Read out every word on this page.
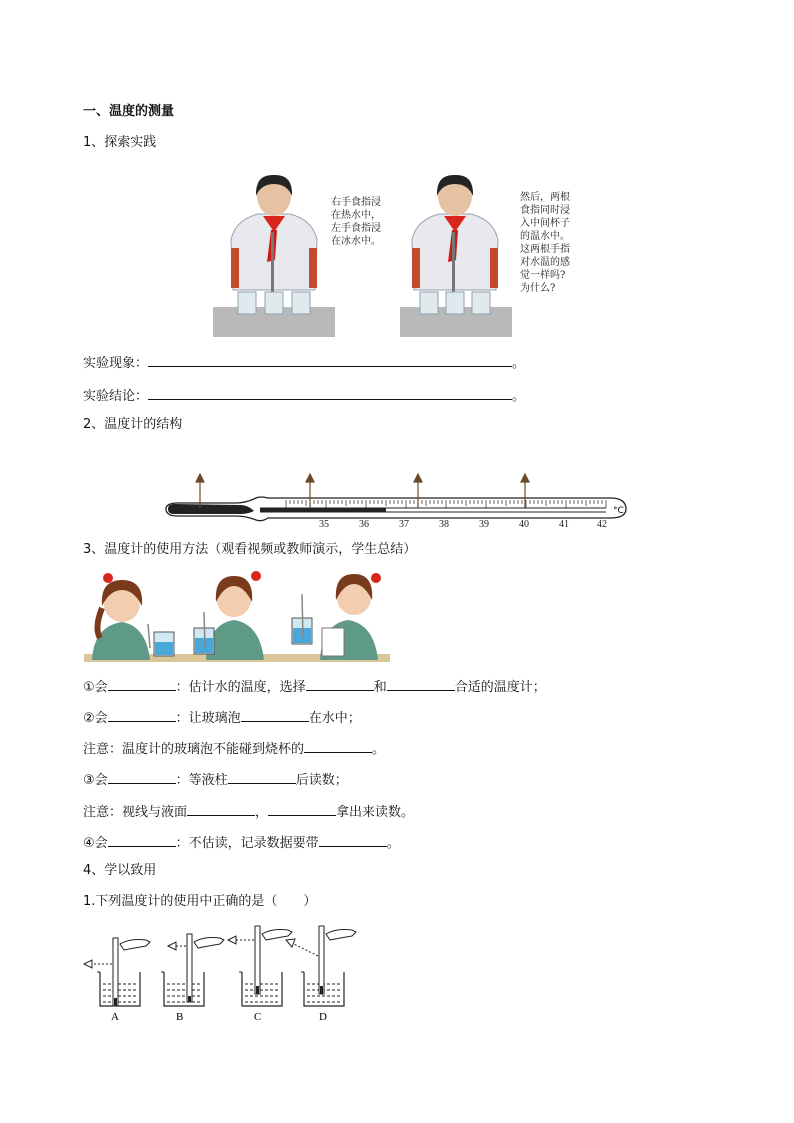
一、温度的测量
1、探索实践
右手食指浸
在热水中，
左手食指浸
在冰水中。
然后，两根
食指同时浸
入中间杯子
的温水中。
这两根手指
对水温的感
觉一样吗?
为什么?
实验现象：	。
实验结论：	。
2、温度计的结构
°C
35	36	37	38	39	40	41	42
3、温度计的使用方法（观看视频或教师演示，学生总结）
①会	：估计水的温度，选择	和	合适的温度计；
②会	：让玻璃泡	在水中；
注意：温度计的玻璃泡不能碰到烧杯的	。
③会	：等液柱	后读数；
注意：视线与液面	，	拿出来读数。
④会	：不估读，记录数据要带	。
4、学以致用
1.下列温度计的使用中正确的是（　　）
A	B	C	D
